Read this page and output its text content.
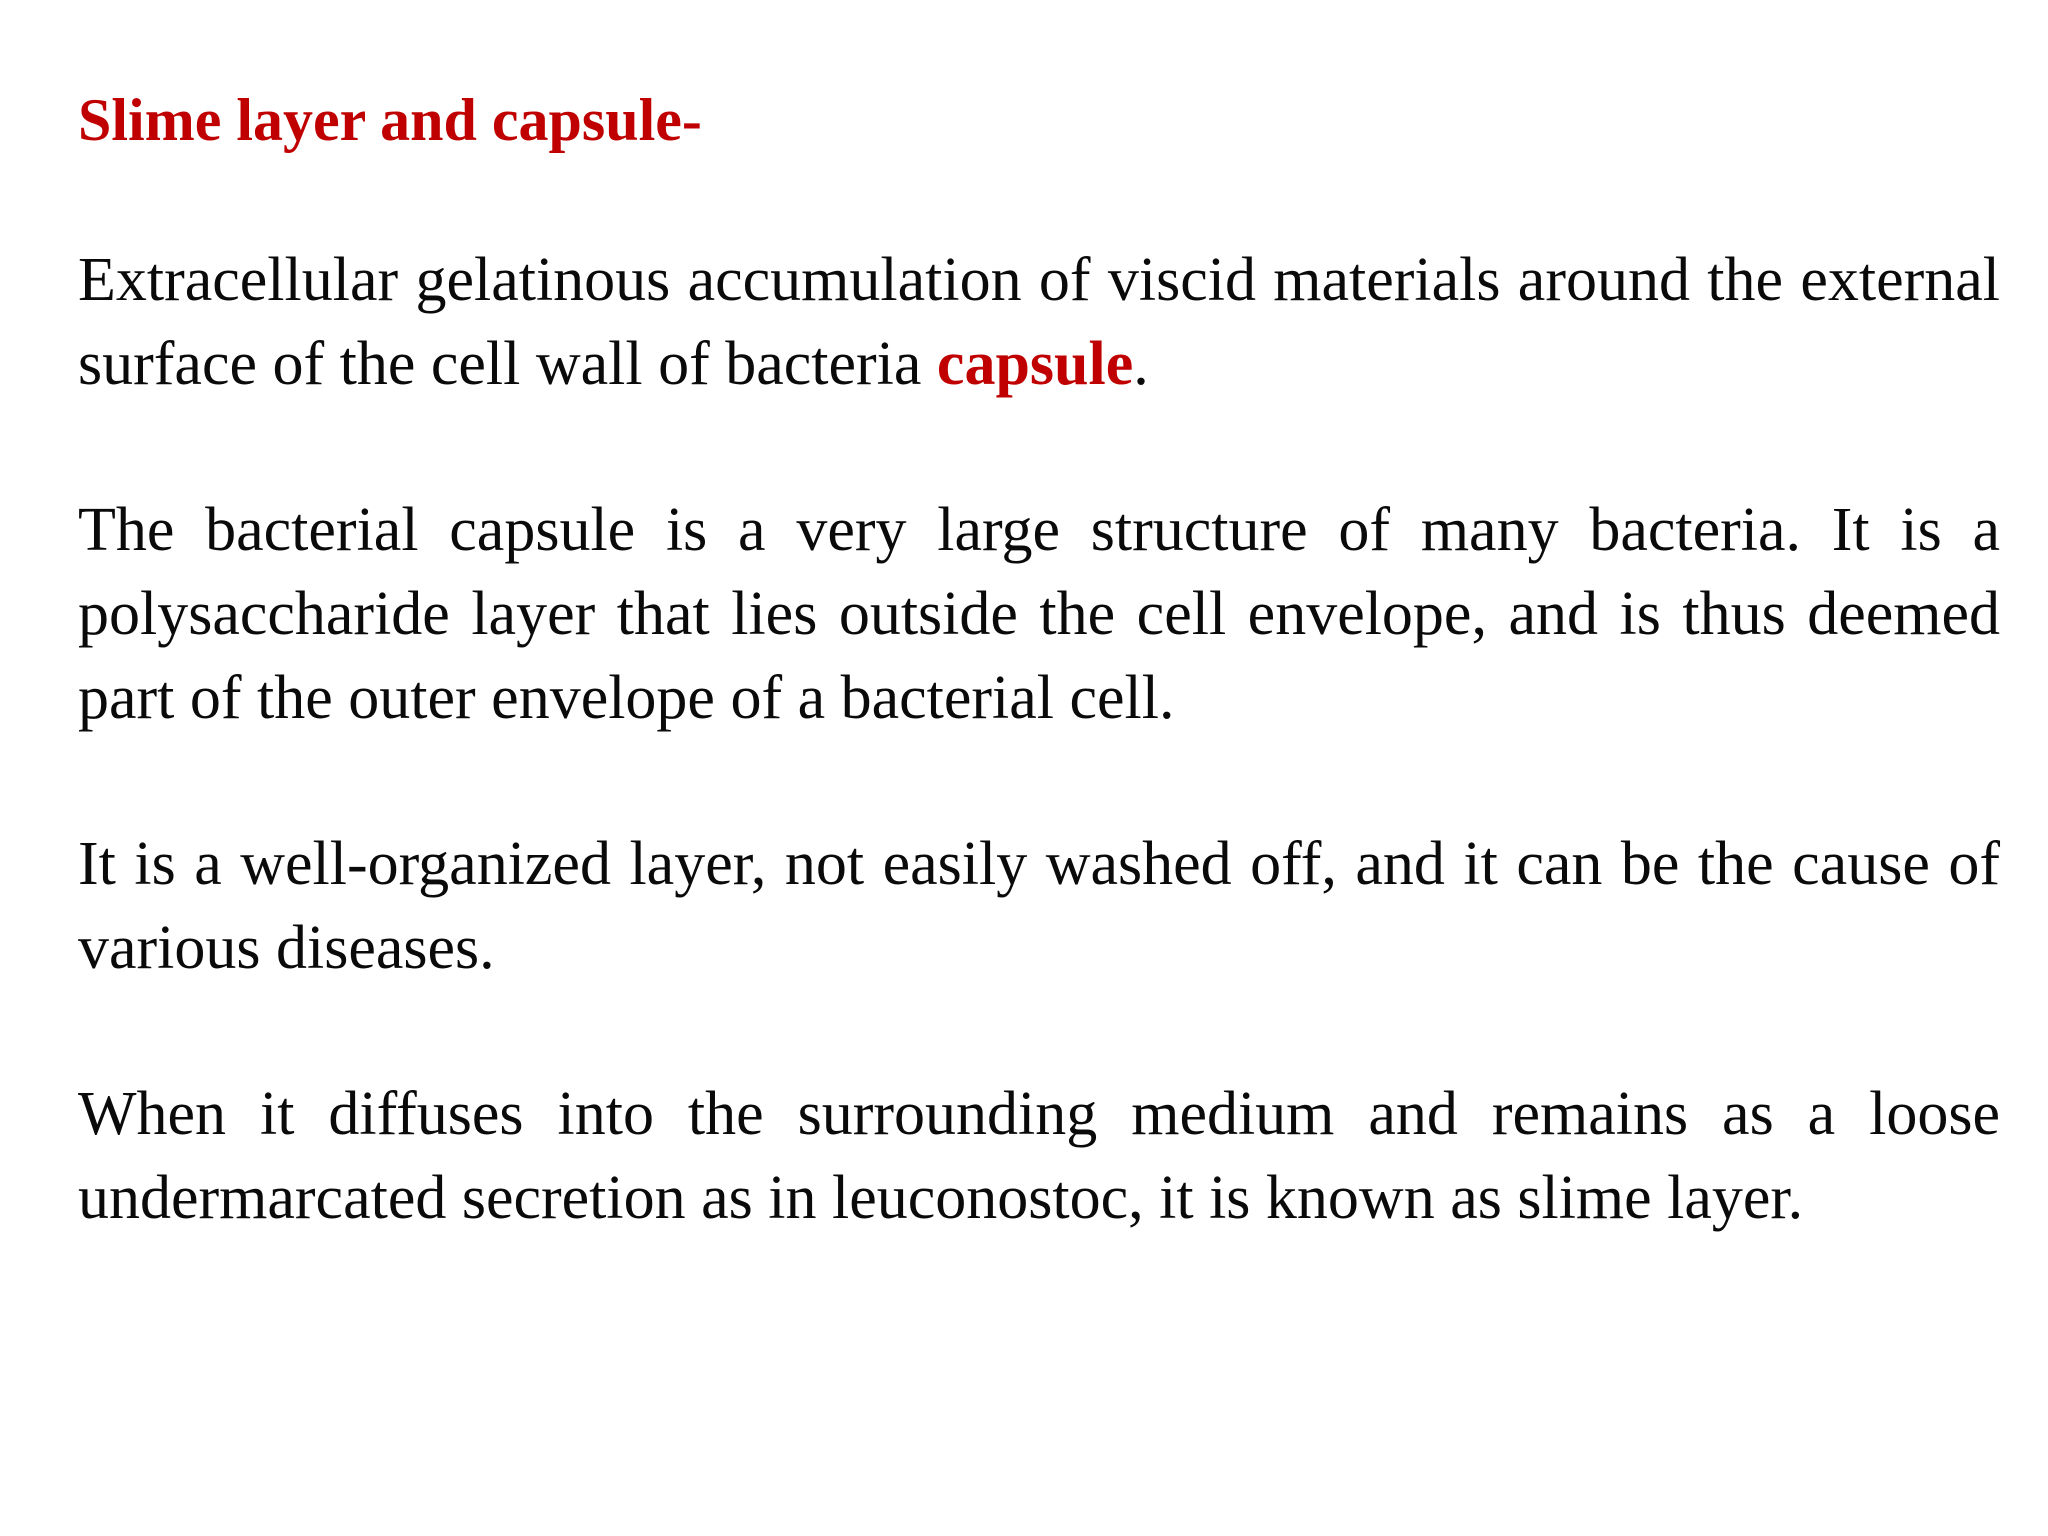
Slime layer and capsule-

Extracellular gelatinous accumulation of viscid materials around the external surface of the cell wall of bacteria capsule.

The bacterial capsule is a very large structure of many bacteria. It is a polysaccharide layer that lies outside the cell envelope, and is thus deemed part of the outer envelope of a bacterial cell.

It is a well-organized layer, not easily washed off, and it can be the cause of various diseases.

When it diffuses into the surrounding medium and remains as a loose undermarcated secretion as in leuconostoc, it is known as slime layer.
